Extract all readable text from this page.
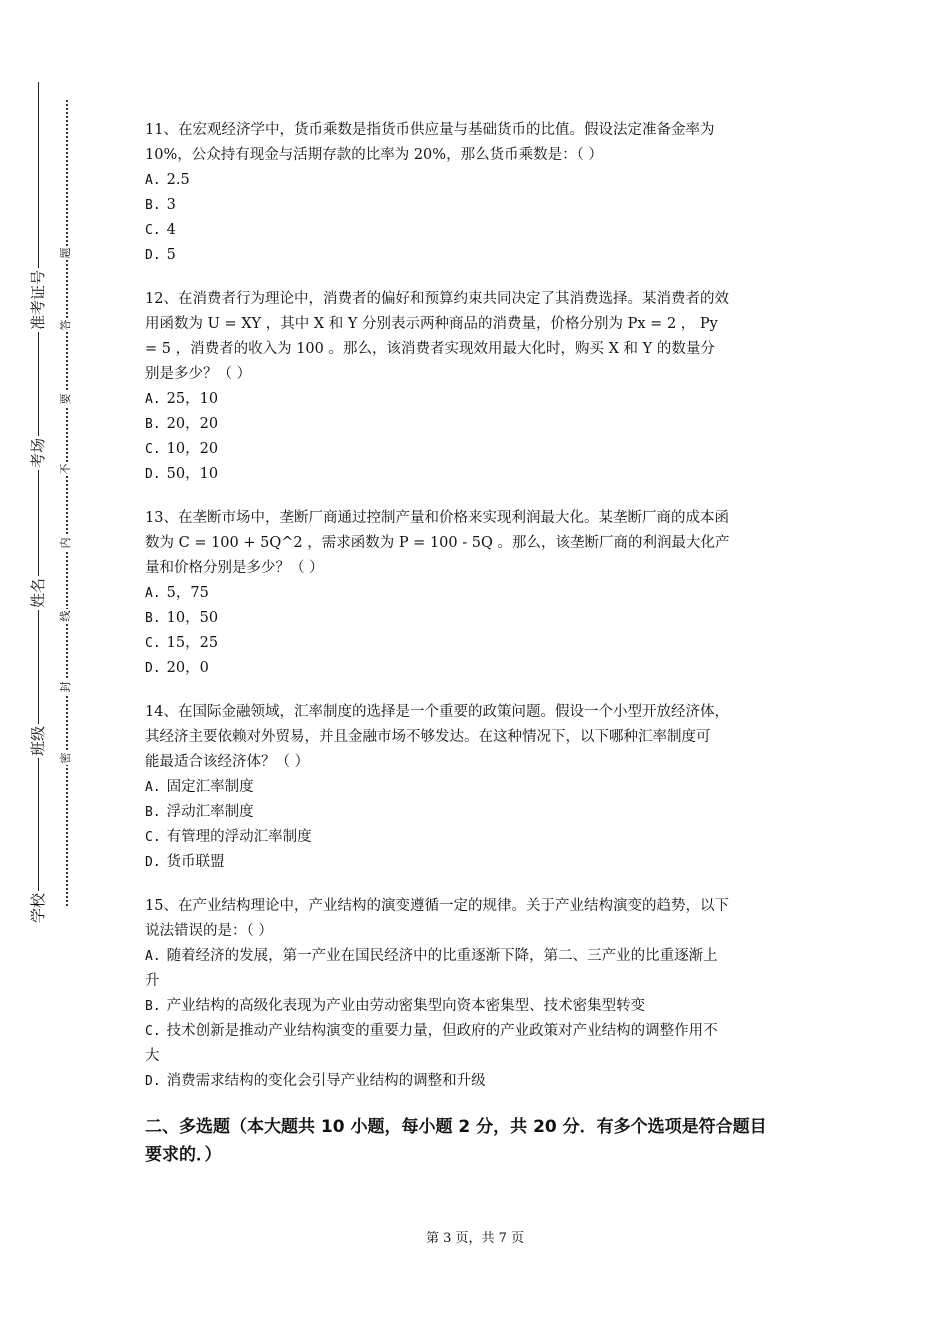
学校
班级
姓名
考场
准考证号
密
封
线
内
不
要
答
题
11、在宏观经济学中，货币乘数是指货币供应量与基础货币的比值。假设法定准备金率为
10%，公众持有现金与活期存款的比率为 20%，那么货币乘数是：（ ）
A. 2.5
B. 3
C. 4
D. 5
12、在消费者行为理论中，消费者的偏好和预算约束共同决定了其消费选择。某消费者的效
用函数为 U = XY ，其中 X 和 Y 分别表示两种商品的消费量，价格分别为 Px = 2 ， Py
= 5 ，消费者的收入为 100 。那么，该消费者实现效用最大化时，购买 X 和 Y 的数量分
别是多少？（ ）
A. 25，10
B. 20，20
C. 10，20
D. 50，10
13、在垄断市场中，垄断厂商通过控制产量和价格来实现利润最大化。某垄断厂商的成本函
数为 C = 100 + 5Q^2 ，需求函数为 P = 100 - 5Q 。那么，该垄断厂商的利润最大化产
量和价格分别是多少？（ ）
A. 5，75
B. 10，50
C. 15，25
D. 20，0
14、在国际金融领域，汇率制度的选择是一个重要的政策问题。假设一个小型开放经济体，
其经济主要依赖对外贸易，并且金融市场不够发达。在这种情况下，以下哪种汇率制度可
能最适合该经济体？（ ）
A. 固定汇率制度
B. 浮动汇率制度
C. 有管理的浮动汇率制度
D. 货币联盟
15、在产业结构理论中，产业结构的演变遵循一定的规律。关于产业结构演变的趋势，以下
说法错误的是：（ ）
A. 随着经济的发展，第一产业在国民经济中的比重逐渐下降，第二、三产业的比重逐渐上
升
B. 产业结构的高级化表现为产业由劳动密集型向资本密集型、技术密集型转变
C. 技术创新是推动产业结构演变的重要力量，但政府的产业政策对产业结构的调整作用不
大
D. 消费需求结构的变化会引导产业结构的调整和升级
二、多选题（本大题共 10 小题，每小题 2 分，共 20 分．有多个选项是符合题目
要求的．）
第 3 页，共 7 页
